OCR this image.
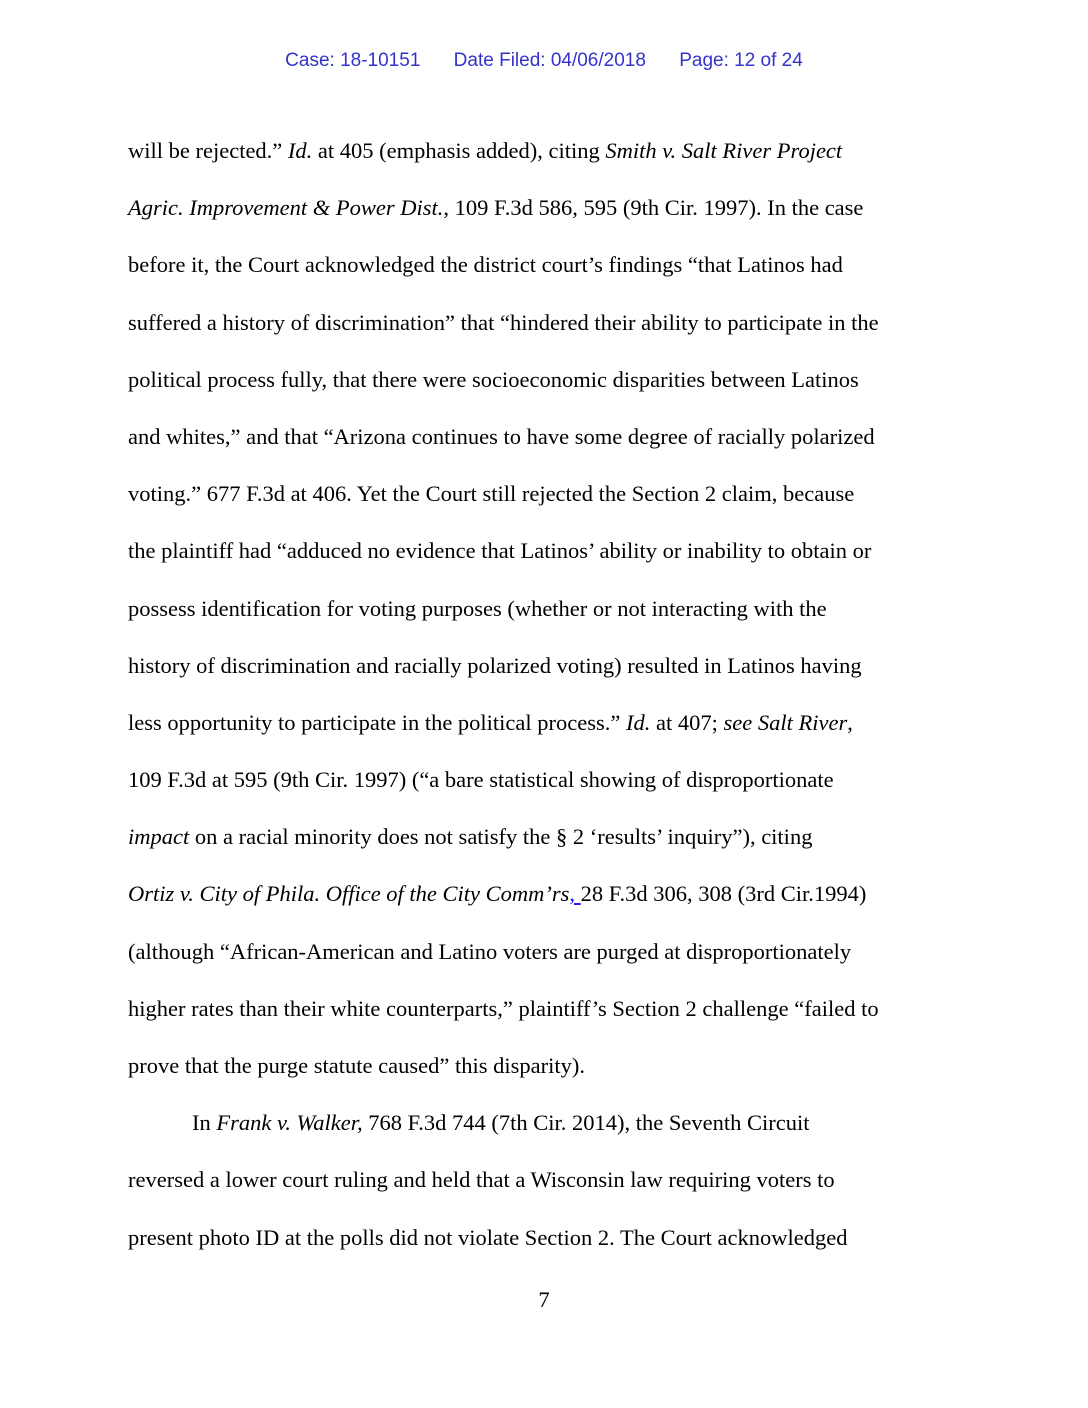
Case: 18-10151 Date Filed: 04/06/2018 Page: 12 of 24
will be rejected.” Id. at 405 (emphasis added), citing Smith v. Salt River Project
Agric. Improvement & Power Dist., 109 F.3d 586, 595 (9th Cir. 1997). In the case
before it, the Court acknowledged the district court’s findings “that Latinos had
suffered a history of discrimination” that “hindered their ability to participate in the
political process fully, that there were socioeconomic disparities between Latinos
and whites,” and that “Arizona continues to have some degree of racially polarized
voting.” 677 F.3d at 406. Yet the Court still rejected the Section 2 claim, because
the plaintiff had “adduced no evidence that Latinos’ ability or inability to obtain or
possess identification for voting purposes (whether or not interacting with the
history of discrimination and racially polarized voting) resulted in Latinos having
less opportunity to participate in the political process.” Id. at 407; see Salt River,
109 F.3d at 595 (9th Cir. 1997) (“a bare statistical showing of disproportionate
impact on a racial minority does not satisfy the § 2 ‘results’ inquiry”), citing
Ortiz v. City of Phila. Office of the City Comm’rs, 28 F.3d 306, 308 (3rd Cir.1994)
(although “African-American and Latino voters are purged at disproportionately
higher rates than their white counterparts,” plaintiff’s Section 2 challenge “failed to
prove that the purge statute caused” this disparity).
In Frank v. Walker, 768 F.3d 744 (7th Cir. 2014), the Seventh Circuit
reversed a lower court ruling and held that a Wisconsin law requiring voters to
present photo ID at the polls did not violate Section 2. The Court acknowledged
7
